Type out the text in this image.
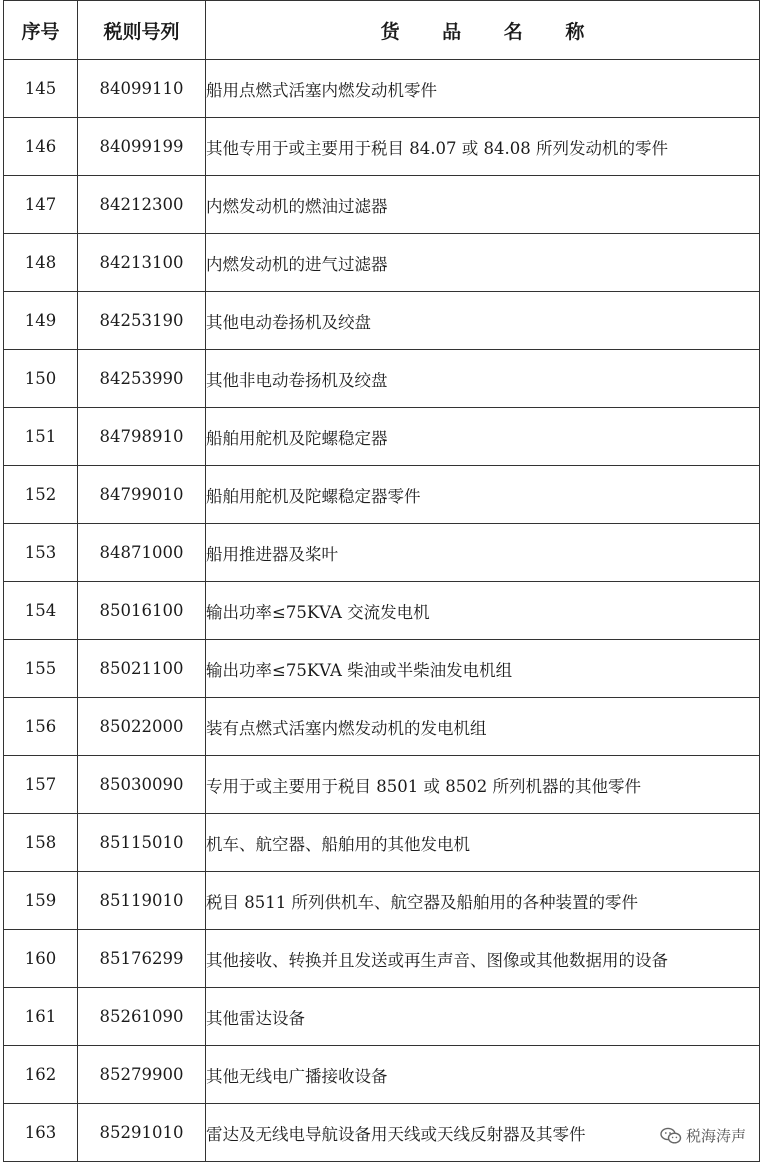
序号	税则号列	货 品 名 称
145	84099110	船用点燃式活塞内燃发动机零件
146	84099199	其他专用于或主要用于税目 84.07 或 84.08 所列发动机的零件
147	84212300	内燃发动机的燃油过滤器
148	84213100	内燃发动机的进气过滤器
149	84253190	其他电动卷扬机及绞盘
150	84253990	其他非电动卷扬机及绞盘
151	84798910	船舶用舵机及陀螺稳定器
152	84799010	船舶用舵机及陀螺稳定器零件
153	84871000	船用推进器及桨叶
154	85016100	输出功率≤75KVA 交流发电机
155	85021100	输出功率≤75KVA 柴油或半柴油发电机组
156	85022000	装有点燃式活塞内燃发动机的发电机组
157	85030090	专用于或主要用于税目 8501 或 8502 所列机器的其他零件
158	85115010	机车、航空器、船舶用的其他发电机
159	85119010	税目 8511 所列供机车、航空器及船舶用的各种装置的零件
160	85176299	其他接收、转换并且发送或再生声音、图像或其他数据用的设备
161	85261090	其他雷达设备
162	85279900	其他无线电广播接收设备
163	85291010	雷达及无线电导航设备用天线或天线反射器及其零件	税海涛声
